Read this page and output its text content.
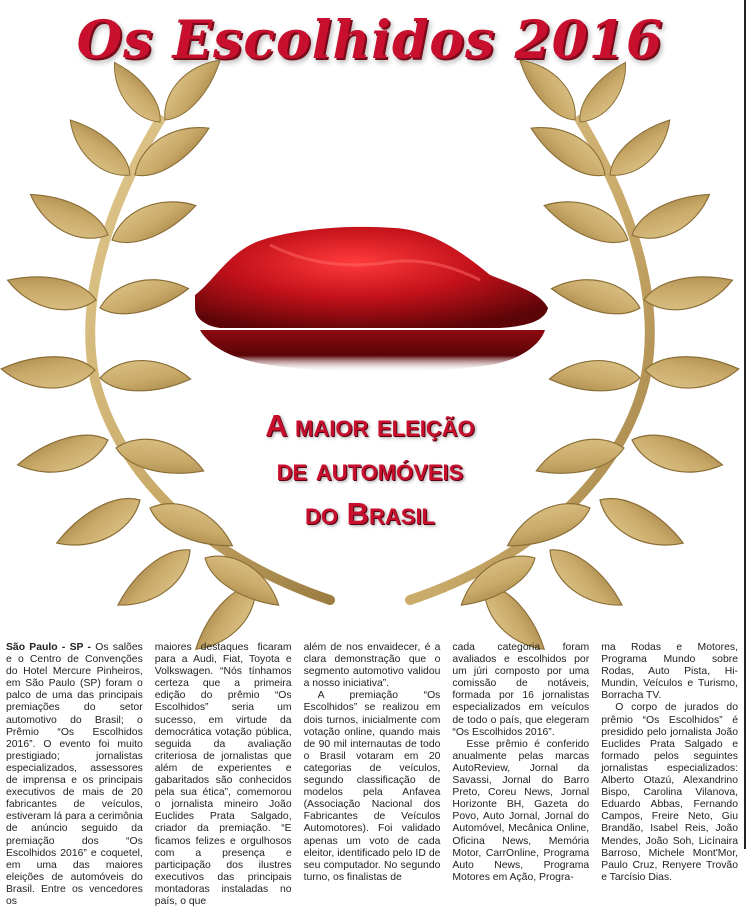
Os Escolhidos 2016
A maior eleição
de automóveis
do Brasil

São Paulo - SP - Os salões e o Centro de Convenções do Hotel Mercure Pinheiros, em São Paulo (SP) foram o palco de uma das principais premiações do setor automotivo do Brasil; o Prêmio “Os Escolhidos 2016”. O evento foi muito prestigiado; jornalistas especializados, assessores de imprensa e os principais executivos de mais de 20 fabricantes de veículos, estiveram lá para a cerimônia de anúncio seguido da premiação dos “Os Escolhidos 2016” e coquetel, em uma das maiores eleições de automóveis do Brasil. Entre os vencedores os

maiores destaques ficaram para a Audi, Fiat, Toyota e Volkswagen. “Nós tínhamos certeza que a primeira edição do prêmio “Os Escolhidos” seria um sucesso, em virtude da democrática votação pública, seguida da avaliação criteriosa de jornalistas que além de experientes e gabaritados são conhecidos pela sua ética”, comemorou o jornalista mineiro João Euclides Prata Salgado, criador da premiação. “E ficamos felizes e orgulhosos com a presença e participação dos ilustres executivos das principais montadoras instaladas no país, o que

além de nos envaidecer, é a clara demonstração que o segmento automotivo validou a nosso iniciativa”.

A premiação “Os Escolhidos” se realizou em dois turnos, inicialmente com votação online, quando mais de 90 mil internautas de todo o Brasil votaram em 20 categorias de veículos, segundo classificação de modelos pela Anfavea (Associação Nacional dos Fabricantes de Veículos Automotores). Foi validado apenas um voto de cada eleitor, identificado pelo ID de seu computador. No segundo turno, os finalistas de

cada categoria foram avaliados e escolhidos por um júri composto por uma comissão de notáveis, formada por 16 jornalistas especializados em veículos de todo o país, que elegeram “Os Escolhidos 2016”.

Esse prêmio é conferido anualmente pelas marcas AutoReview, Jornal da Savassi, Jornal do Barro Preto, Coreu News, Jornal Horizonte BH, Gazeta do Povo, Auto Jornal, Jornal do Automóvel, Mecânica Online, Oficina News, Memória Motor, CarrOnline, Programa Auto News, Programa Motores em Ação, Progra-

ma Rodas e Motores, Programa Mundo sobre Rodas, Auto Pista, Hi-Mundin, Veículos e Turismo, Borracha TV.

O corpo de jurados do prêmio “Os Escolhidos” é presidido pelo jornalista João Euclides Prata Salgado e formado pelos seguintes jornalistas especializados: Alberto Otazú, Alexandrino Bispo, Carolina Vilanova, Eduardo Abbas, Fernando Campos, Freire Neto, Giu Brandão, Isabel Reis, João Mendes, João Soh, Licínaira Barroso, Michele Mont'Mor, Paulo Cruz, Renyere Trovão e Tarcísio Dias.
